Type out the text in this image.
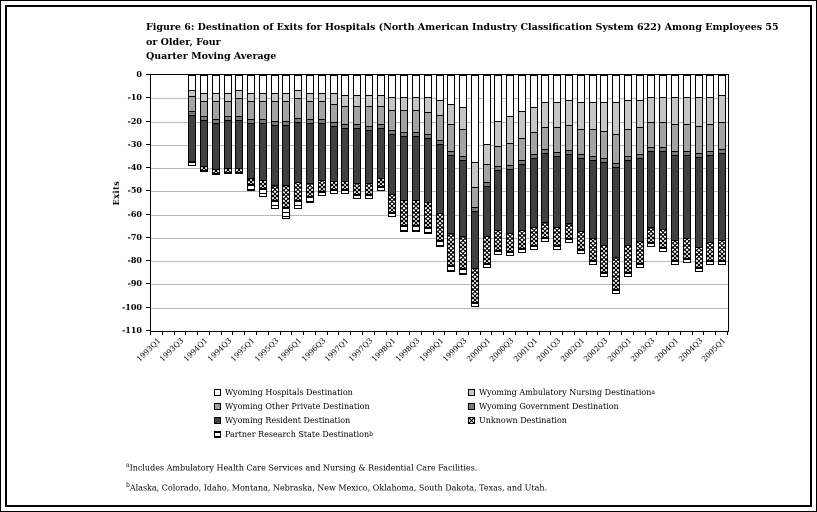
Figure 6: Destination of Exits for Hospitals (North American Industry Classification System 622) Among Employees 55 or Older, Four
Quarter Moving Average
Exits
0
-10
-20
-30
-40
-50
-60
-70
-80
-90
-100
-110
1993Q1
1993Q3
1994Q1
1994Q3
1995Q1
1995Q3
1996Q1
1996Q3
1997Q1
1997Q3
1998Q1
1998Q3
1999Q1
1999Q3
2000Q1
2000Q3
2001Q1
2001Q3
2002Q1
2002Q3
2003Q1
2003Q3
2004Q1
2004Q3
2005Q1
Wyoming Hospitals Destination
Wyoming Other Private Destination
Wyoming Resident Destination
Partner Research State Destination b
Wyoming Ambulatory Nursing Destination a
Wyoming Government Destination
Unknown Destination
$^a$Includes Ambulatory Health Care Services and Nursing & Residential Care Facilities.
$^b$Alaska, Colorado, Idaho, Montana, Nebraska, New Mexico, Oklahoma, South Dakota, Texas, and Utah.
